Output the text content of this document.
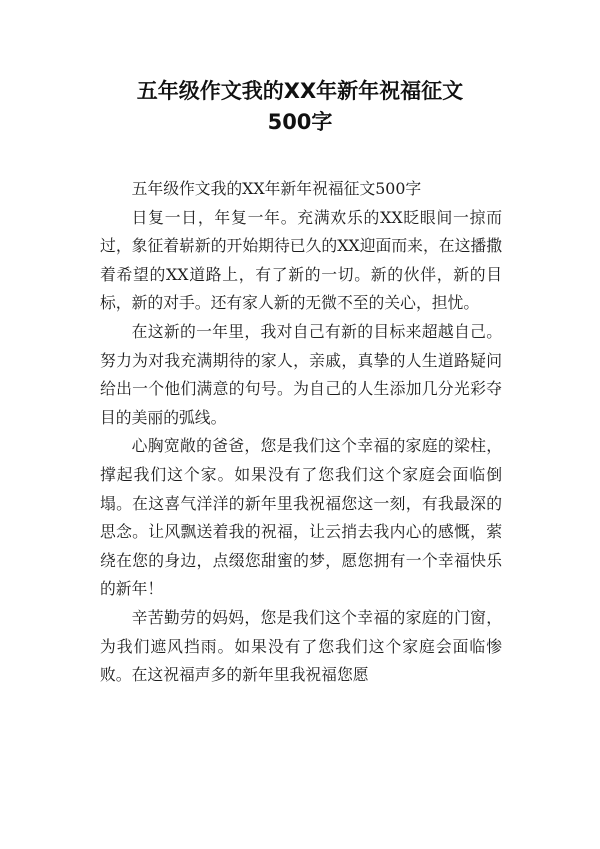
五年级作文我的XX年新年祝福征文
500字

五年级作文我的XX年新年祝福征文500字

日复一日，年复一年。充满欢乐的XX眨眼间一掠而过，象征着崭新的开始期待已久的XX迎面而来，在这播撒着希望的XX道路上，有了新的一切。新的伙伴，新的目标，新的对手。还有家人新的无微不至的关心，担忧。

在这新的一年里，我对自己有新的目标来超越自己。努力为对我充满期待的家人，亲戚，真挚的人生道路疑问给出一个他们满意的句号。为自己的人生添加几分光彩夺目的美丽的弧线。

心胸宽敞的爸爸，您是我们这个幸福的家庭的梁柱，撑起我们这个家。如果没有了您我们这个家庭会面临倒塌。在这喜气洋洋的新年里我祝福您这一刻，有我最深的思念。让风飘送着我的祝福，让云捎去我内心的感慨，萦绕在您的身边，点缀您甜蜜的梦，愿您拥有一个幸福快乐的新年！

辛苦勤劳的妈妈，您是我们这个幸福的家庭的门窗，为我们遮风挡雨。如果没有了您我们这个家庭会面临惨败。在这祝福声多的新年里我祝福您愿
